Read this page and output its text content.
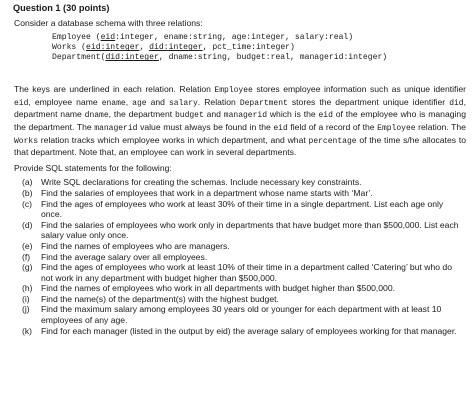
Question 1 (30 points)
Consider a database schema with three relations:
Employee (eid:integer, ename:string, age:integer, salary:real)
Works (eid:integer, did:integer, pct_time:integer)
Department(did:integer, dname:string, budget:real, managerid:integer)
The keys are underlined in each relation. Relation Employee stores employee information such as unique identifier eid, employee name ename, age and salary. Relation Department stores the department unique identifier did, department name dname, the department budget and managerid which is the eid of the employee who is managing the department. The managerid value must always be found in the eid field of a record of the Employee relation. The Works relation tracks which employee works in which department, and what percentage of the time s/he allocates to that department. Note that, an employee can work in several departments.
Provide SQL statements for the following:
(a) Write SQL declarations for creating the schemas. Include necessary key constraints.
(b) Find the salaries of employees that work in a department whose name starts with ‘Mar’.
(c)	Find the ages of employees who work at least 30% of their time in a single department. List each age only once.
(d) Find the salaries of employees who work only in departments that have budget more than $500,000. List each salary value only once.
(e) Find the names of employees who are managers.
(f)	Find the average salary over all employees.
(g) Find the ages of employees who work at least 10% of their time in a department called ‘Catering’ but who do not work in any department with budget higher than $500,000.
(h) Find the names of employees who work in all departments with budget higher than $500,000.
(i)	Find the name(s) of the department(s) with the highest budget.
(j)	Find the maximum salary among employees 30 years old or younger for each department with at least 10 employees of any age.
(k)	Find for each manager (listed in the output by eid) the average salary of employees working for that manager.
